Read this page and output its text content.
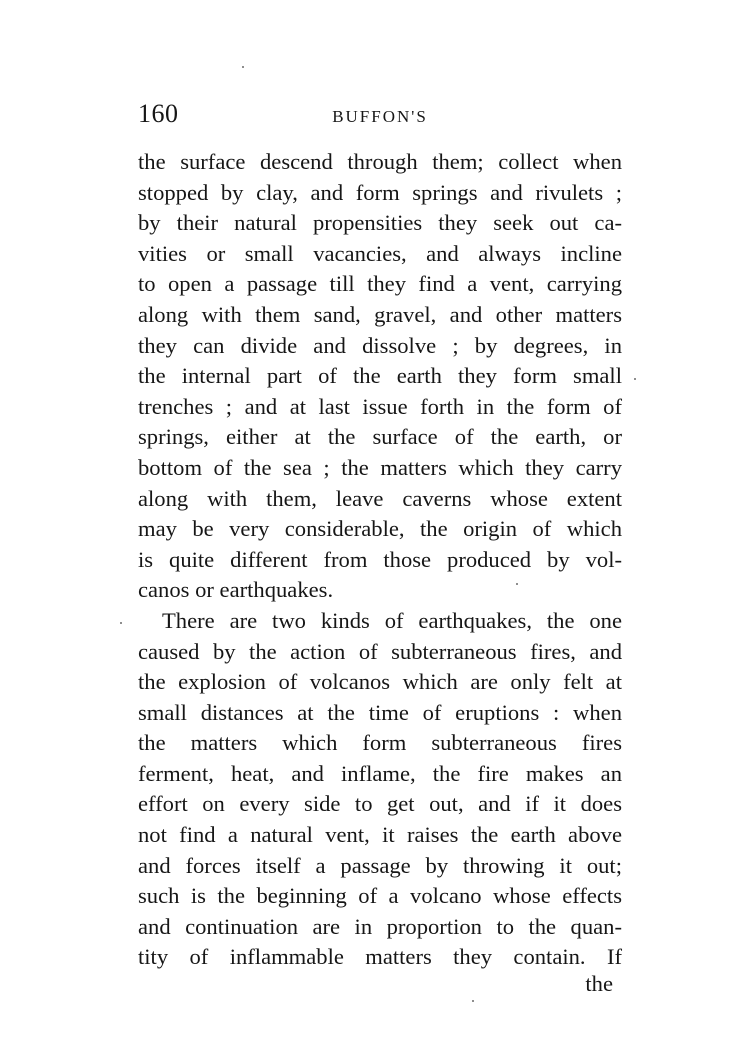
160	BUFFON'S
the surface descend through them; collect when
stopped by clay, and form springs and rivulets ;
by their natural propensities they seek out ca-
vities or small vacancies, and always incline
to open a passage till they find a vent, carrying
along with them sand, gravel, and other matters
they can divide and dissolve ; by degrees, in
the internal part of the earth they form small
trenches ; and at last issue forth in the form of
springs, either at the surface of the earth, or
bottom of the sea ; the matters which they carry
along with them, leave caverns whose extent
may be very considerable, the origin of which
is quite different from those produced by vol-
canos or earthquakes.
There are two kinds of earthquakes, the one
caused by the action of subterraneous fires, and
the explosion of volcanos which are only felt at
small distances at the time of eruptions : when
the matters which form subterraneous fires
ferment, heat, and inflame, the fire makes an
effort on every side to get out, and if it does
not find a natural vent, it raises the earth above
and forces itself a passage by throwing it out;
such is the beginning of a volcano whose effects
and continuation are in proportion to the quan-
tity of inflammable matters they contain. If
the
